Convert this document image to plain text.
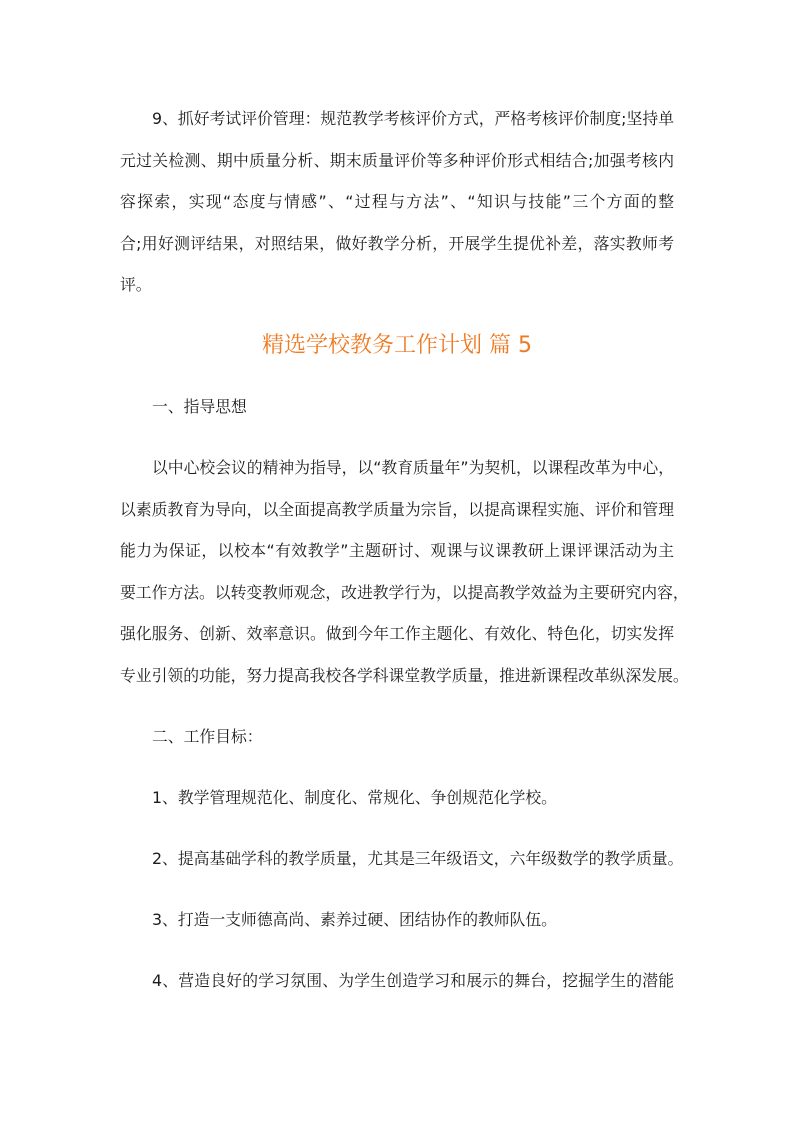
9、抓好考试评价管理：规范教学考核评价方式，严格考核评价制度;坚持单
元过关检测、期中质量分析、期末质量评价等多种评价形式相结合;加强考核内
容探索，实现“态度与情感”、“过程与方法”、“知识与技能”三个方面的整
合;用好测评结果，对照结果，做好教学分析，开展学生提优补差，落实教师考
评。
精选学校教务工作计划 篇 5
一、指导思想
以中心校会议的精神为指导，以“教育质量年”为契机，以课程改革为中心，
以素质教育为导向，以全面提高教学质量为宗旨，以提高课程实施、评价和管理
能力为保证，以校本“有效教学”主题研讨、观课与议课教研上课评课活动为主
要工作方法。以转变教师观念，改进教学行为，以提高教学效益为主要研究内容，
强化服务、创新、效率意识。做到今年工作主题化、有效化、特色化，切实发挥
专业引领的功能，努力提高我校各学科课堂教学质量，推进新课程改革纵深发展。
二、工作目标：
1、教学管理规范化、制度化、常规化、争创规范化学校。
2、提高基础学科的教学质量，尤其是三年级语文，六年级数学的教学质量。
3、打造一支师德高尚、素养过硬、团结协作的教师队伍。
4、营造良好的学习氛围、为学生创造学习和展示的舞台，挖掘学生的潜能
